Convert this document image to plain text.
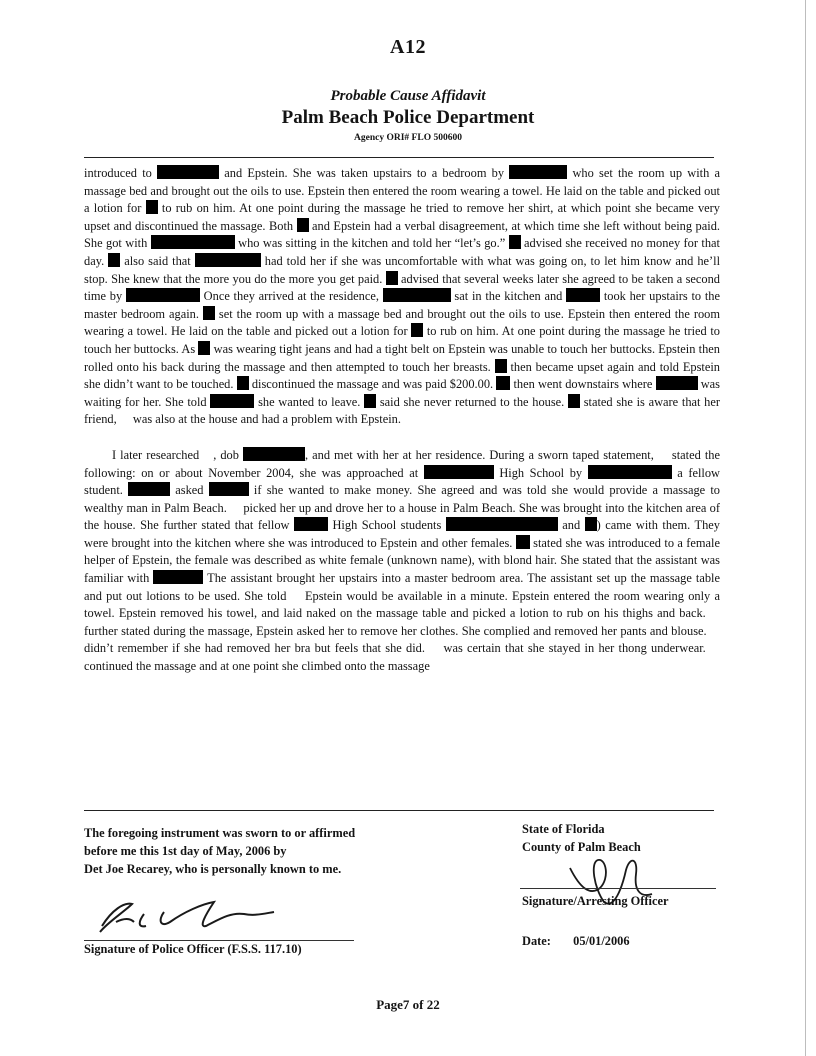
A12
Probable Cause Affidavit
Palm Beach Police Department
Agency ORI# FLO 500600

introduced to	and Epstein. She was taken upstairs to a bedroom by	who set the room up with a massage bed and brought out the oils to use. Epstein then entered the room wearing a towel. He laid on the table and picked out a lotion for  to rub on him. At one point during the massage he tried to remove her shirt, at which point she became very upset and discontinued the massage. Both  and Epstein had a verbal disagreement, at which time she left without being paid. She got with	who was sitting in the kitchen and told her “let’s go.”  advised she received no money for that day.  also said that	had told her if she was uncomfortable with what was going on, to let him know and he’ll stop. She knew that the more you do the more you get paid.  advised that several weeks later she agreed to be taken a second time by	Once they arrived at the residence,	sat in the kitchen and	took her upstairs to the master bedroom again.  set the room up with a massage bed and brought out the oils to use. Epstein then entered the room wearing a towel. He laid on the table and picked out a lotion for  to rub on him. At one point during the massage he tried to touch her buttocks. As  was wearing tight jeans and had a tight belt on Epstein was unable to touch her buttocks. Epstein then rolled onto his back during the massage and then attempted to touch her breasts.  then became upset again and told Epstein she didn’t want to be touched.  discontinued the massage and was paid $200.00.  then went downstairs where	was waiting for her. She told	she wanted to leave.  said she never returned to the house.  stated she is aware that her friend,  was also at the house and had a problem with Epstein.

I later researched , dob	, and met with her at her residence. During a sworn taped statement,  stated the following: on or about November 2004, she was approached at	High School by	a fellow student.	asked	if she wanted to make money. She agreed and was told she would provide a massage to wealthy man in Palm Beach.  picked her up and drove her to a house in Palm Beach. She was brought into the kitchen area of the house. She further stated that fellow	High School students	and ) came with them. They were brought into the kitchen where she was introduced to Epstein and other females.  stated she was introduced to a female helper of Epstein, the female was described as white female (unknown name), with blond hair. She stated that the assistant was familiar with	The assistant brought her upstairs into a master bedroom area. The assistant set up the massage table and put out lotions to be used. She told  Epstein would be available in a minute. Epstein entered the room wearing only a towel. Epstein removed his towel, and laid naked on the massage table and picked a lotion to rub on his thighs and back.  further stated during the massage, Epstein asked her to remove her clothes. She complied and removed her pants and blouse.  didn’t remember if she had removed her bra but feels that she did.  was certain that she stayed in her thong underwear.  continued the massage and at one point she climbed onto the massage

The foregoing instrument was sworn to or affirmed
before me this 1st day of May, 2006 by
Det Joe Recarey, who is personally known to me.
State of Florida
County of Palm Beach
Signature of Police Officer (F.S.S. 117.10)
Signature/Arresting Officer
Date: 05/01/2006
Page7 of 22
